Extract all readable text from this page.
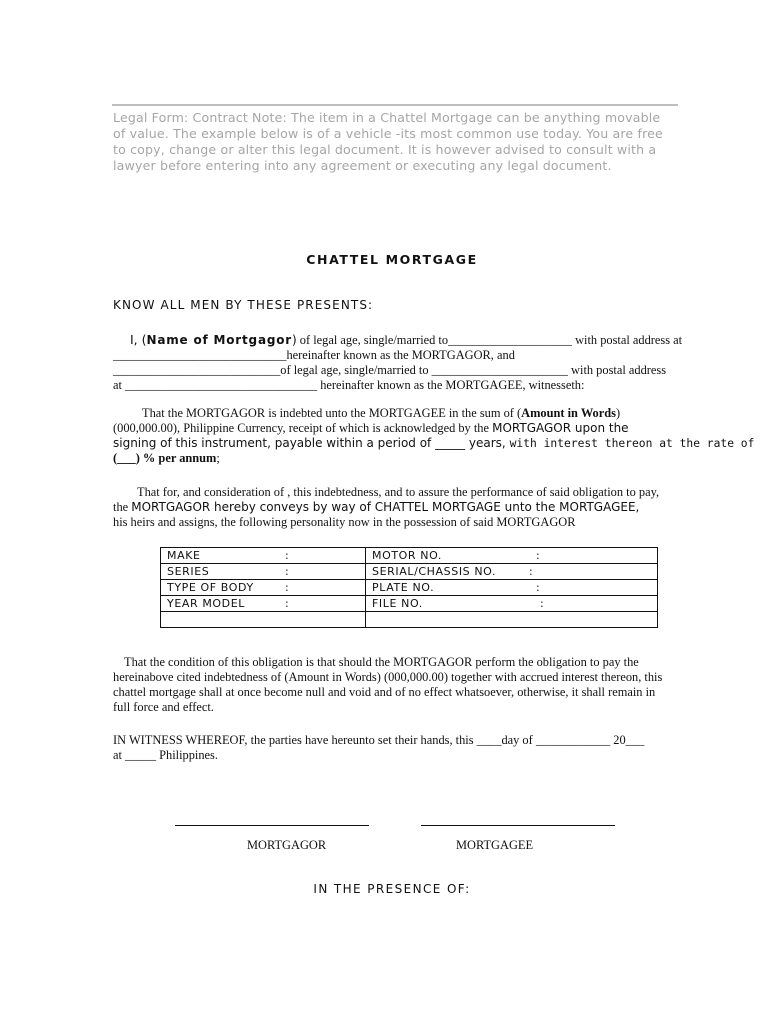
Legal Form: Contract Note: The item in a Chattel Mortgage can be anything movable of value. The example below is of a vehicle -its most common use today. You are free to copy, change or alter this legal document. It is however advised to consult with a lawyer before entering into any agreement or executing any legal document.
CHATTEL MORTGAGE
KNOW ALL MEN BY THESE PRESENTS:
I, (Name of Mortgagor) of legal age, single/married to____________________ with postal address at
____________________________hereinafter known as the MORTGAGOR, and
___________________________of legal age, single/married to ______________________ with postal address
at _______________________________ hereinafter known as the MORTGAGEE, witnesseth:
That the MORTGAGOR is indebted unto the MORTGAGEE in the sum of (Amount in Words)
(000,000.00), Philippine Currency, receipt of which is acknowledged by the MORTGAGOR upon the
signing of this instrument, payable within a period of _____ years, with interest thereon at the rate of
(___) % per annum;
That for, and consideration of , this indebtedness, and to assure the performance of said obligation to pay,
the MORTGAGOR hereby conveys by way of CHATTEL MORTGAGE unto the MORTGAGEE,
his heirs and assigns, the following personality now in the possession of said MORTGAGOR
MAKE :	MOTOR NO. :

SERIES :	SERIAL/CHASSIS NO. :

TYPE OF BODY :	PLATE NO. :

YEAR MODEL :	FILE NO. :

That the condition of this obligation is that should the MORTGAGOR perform the obligation to pay the
hereinabove cited indebtedness of (Amount in Words) (000,000.00) together with accrued interest thereon, this
chattel mortgage shall at once become null and void and of no effect whatsoever, otherwise, it shall remain in
full force and effect.
IN WITNESS WHEREOF, the parties have hereunto set their hands, this ____day of ____________ 20___
at _____ Philippines.
MORTGAGOR	MORTGAGEE
IN THE PRESENCE OF:
